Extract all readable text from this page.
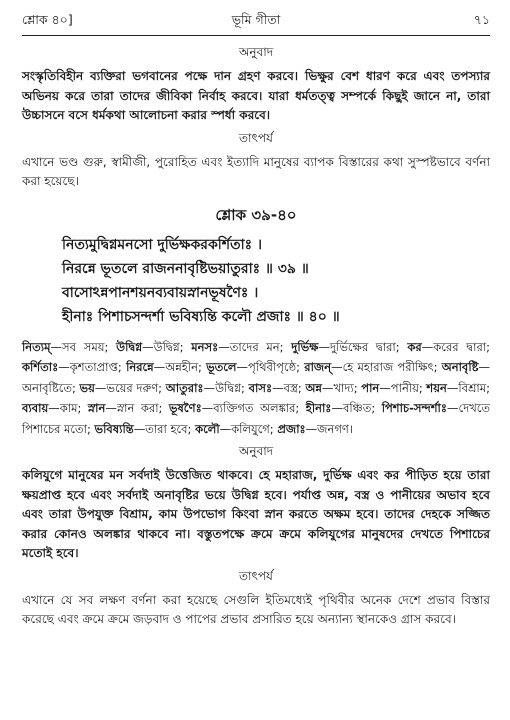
শ্লোক ৪০]	ভূমি গীতা	৭১
অনুবাদ

সংস্কৃতিবিহীন ব্যক্তিরা ভগবানের পক্ষে দান গ্রহণ করবে। ভিক্ষুর বেশ ধারণ করে এবং তপস্যার অভিনয় করে তারা তাদের জীবিকা নির্বাহ করবে। যারা ধর্মতত্ত্ব সম্পর্কে কিছুই জানে না, তারা উচ্চাসনে বসে ধর্মকথা আলোচনা করার স্পর্ধা করবে।

তাৎপর্য

এখানে ভণ্ড গুরু, স্বামীজী, পুরোহিত এবং ইত্যাদি মানুষের ব্যাপক বিস্তারের কথা সুস্পষ্টভাবে বর্ণনা করা হয়েছে।

শ্লোক ৩৯-৪০
নিত্যমুদ্বিগ্নমনসো দুর্ভিক্ষকরকর্শিতাঃ ।
নিরন্নে ভূতলে রাজননাবৃষ্টিভয়াতুরাঃ ॥ ৩৯ ॥
বাসোঽন্নপানশয়নব্যবায়স্নানভূষণৈঃ ।
হীনাঃ পিশাচসন্দর্শা ভবিষ্যন্তি কলৌ প্রজাঃ ॥ ৪০ ॥
নিত্যম্—সব সময়; উদ্বিগ্ন—উদ্বিগ্ন; মনসঃ—তাদের মন; দুর্ভিক্ষ—দুর্ভিক্ষের দ্বারা; কর—করের দ্বারা; কর্শিতাঃ—কৃশতাপ্রাপ্ত; নিরন্নে—অন্নহীন; ভূতলে—পৃথিবীপৃষ্ঠে; রাজন্—হে মহারাজ পরীক্ষিৎ; অনাবৃষ্টি—অনাবৃষ্টিতে; ভয়—ভয়ের দরুণ; আতুরাঃ—উদ্বিগ্ন; বাসঃ—বস্ত্র; অন্ন—খাদ্য; পান—পানীয়; শয়ন—বিশ্রাম; ব্যবায়—কাম; স্নান—স্নান করা; ভূষণৈঃ—ব্যক্তিগত অলঙ্কার; হীনাঃ—বঞ্চিত; পিশাচ-সন্দর্শাঃ—দেখতে পিশাচের মতো; ভবিষ্যন্তি—তারা হবে; কলৌ—কলিযুগে; প্রজাঃ—জনগণ।
অনুবাদ

কলিযুগে মানুষের মন সর্বদাই উত্তেজিত থাকবে। হে মহারাজ, দুর্ভিক্ষ এবং কর পীড়িত হয়ে তারা ক্ষয়প্রাপ্ত হবে এবং সর্বদাই অনাবৃষ্টির ভয়ে উদ্বিগ্ন হবে। পর্যাপ্ত অন্ন, বস্ত্র ও পানীয়ের অভাব হবে এবং তারা উপযুক্ত বিশ্রাম, কাম উপভোগ কিংবা স্নান করতে অক্ষম হবে। তাদের দেহকে সজ্জিত করার কোনও অলঙ্কার থাকবে না। বস্তুতপক্ষে ক্রমে ক্রমে কলিযুগের মানুষদের দেখতে পিশাচের মতোই হবে।

তাৎপর্য

এখানে যে সব লক্ষণ বর্ণনা করা হয়েছে সেগুলি ইতিমধ্যেই পৃথিবীর অনেক দেশে প্রভাব বিস্তার করেছে এবং ক্রমে ক্রমে জড়বাদ ও পাপের প্রভাব প্রসারিত হয়ে অন্যান্য স্থানকেও গ্রাস করবে।
